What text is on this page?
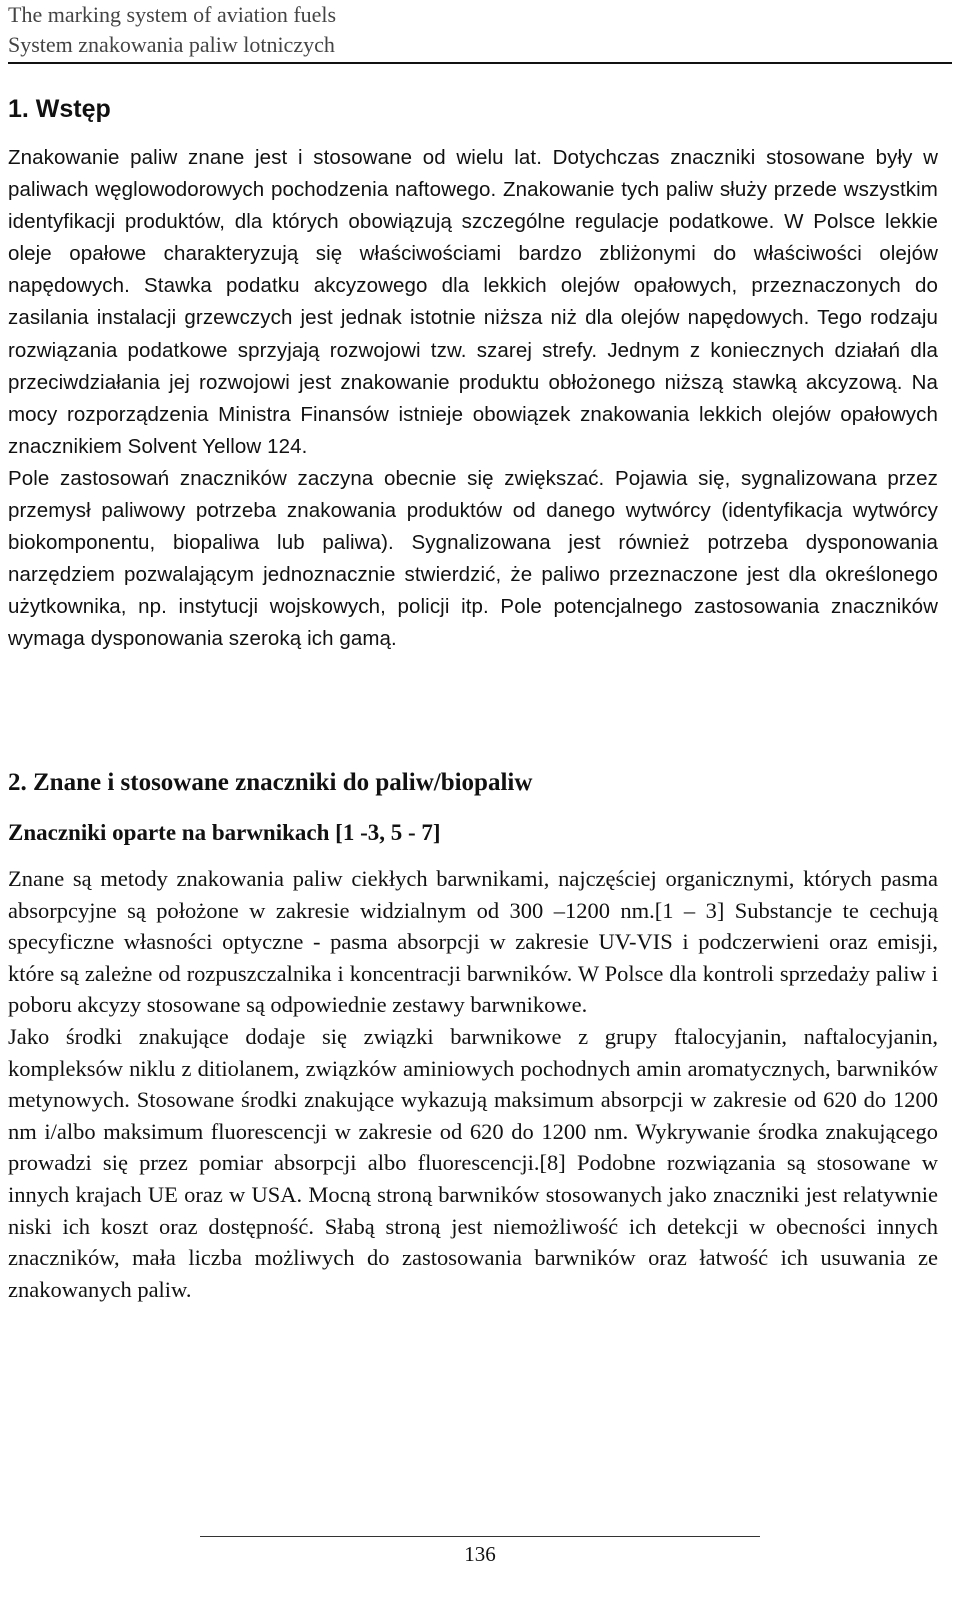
The marking system of aviation fuels
System znakowania paliw lotniczych
1. Wstęp

Znakowanie paliw znane jest i stosowane od wielu lat. Dotychczas znaczniki stosowane były w paliwach węglowodorowych pochodzenia naftowego. Znakowanie tych paliw służy przede wszystkim identyfikacji produktów, dla których obowiązują szczególne regulacje podatkowe. W Polsce lekkie oleje opałowe charakteryzują się właściwościami bardzo zbliżonymi do właściwości olejów napędowych. Stawka podatku akcyzowego dla lekkich olejów opałowych, przeznaczonych do zasilania instalacji grzewczych jest jednak istotnie niższa niż dla olejów napędowych. Tego rodzaju rozwiązania podatkowe sprzyjają rozwojowi tzw. szarej strefy. Jednym z koniecznych działań dla przeciwdziałania jej rozwojowi jest znakowanie produktu obłożonego niższą stawką akcyzową. Na mocy rozporządzenia Ministra Finansów istnieje obowiązek znakowania lekkich olejów opałowych znacznikiem Solvent Yellow 124.

Pole zastosowań znaczników zaczyna obecnie się zwiększać. Pojawia się, sygnalizowana przez przemysł paliwowy potrzeba znakowania produktów od danego wytwórcy (identyfikacja wytwórcy biokomponentu, biopaliwa lub paliwa). Sygnalizowana jest również potrzeba dysponowania narzędziem pozwalającym jednoznacznie stwierdzić, że paliwo przeznaczone jest dla określonego użytkownika, np. instytucji wojskowych, policji itp. Pole potencjalnego zastosowania znaczników wymaga dysponowania szeroką ich gamą.

2. Znane i stosowane znaczniki do paliw/biopaliw
Znaczniki oparte na barwnikach [1 -3, 5 - 7]

Znane są metody znakowania paliw ciekłych barwnikami, najczęściej organicznymi, których pasma absorpcyjne są położone w zakresie widzialnym od 300 –1200 nm.[1 – 3] Substancje te cechują specyficzne własności optyczne - pasma absorpcji w zakresie UV-VIS i podczerwieni oraz emisji, które są zależne od rozpuszczalnika i koncentracji barwników. W Polsce dla kontroli sprzedaży paliw i poboru akcyzy stosowane są odpowiednie zestawy barwnikowe.

Jako środki znakujące dodaje się związki barwnikowe z grupy ftalocyjanin, naftalocyjanin, kompleksów niklu z ditiolanem, związków aminiowych pochodnych amin aromatycznych, barwników metynowych. Stosowane środki znakujące wykazują maksimum absorpcji w zakresie od 620 do 1200 nm i/albo maksimum fluorescencji w zakresie od 620 do 1200 nm. Wykrywanie środka znakującego prowadzi się przez pomiar absorpcji albo fluorescencji.[8] Podobne rozwiązania są stosowane w innych krajach UE oraz w USA. Mocną stroną barwników stosowanych jako znaczniki jest relatywnie niski ich koszt oraz dostępność. Słabą stroną jest niemożliwość ich detekcji w obecności innych znaczników, mała liczba możliwych do zastosowania barwników oraz łatwość ich usuwania ze znakowanych paliw.

136
